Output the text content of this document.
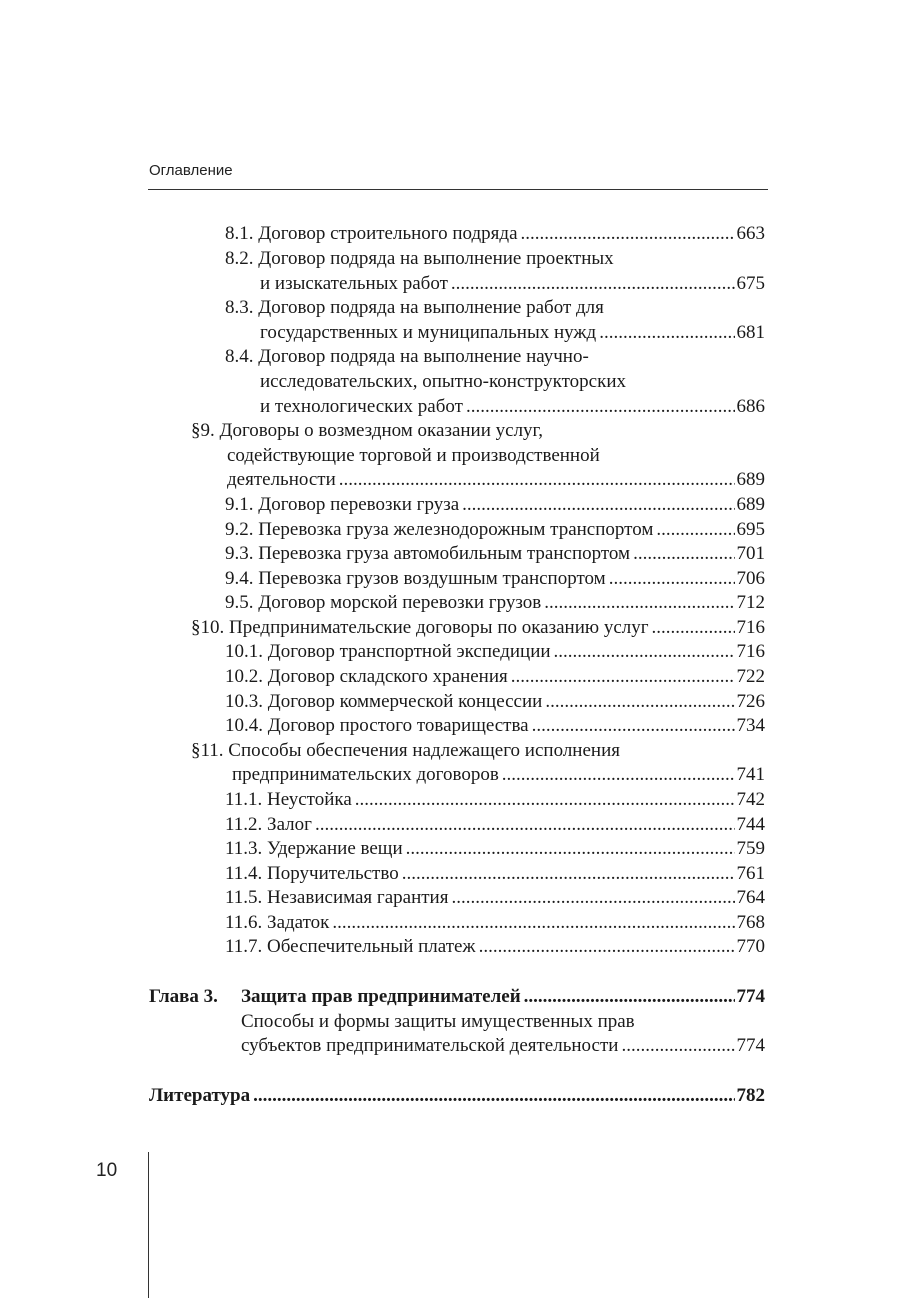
Оглавление
8.1. Договор строительного подряда .....	663
8.2. Договор подряда на выполнение проектных
и изыскательных работ .....	675
8.3. Договор подряда на выполнение работ для
государственных и муниципальных нужд .....	681
8.4. Договор подряда на выполнение научно-
исследовательских, опытно-конструкторских
и технологических работ .....	686
§9. Договоры о возмездном оказании услуг,
содействующие торговой и производственной
деятельности .....	689
9.1. Договор перевозки груза .....	689
9.2. Перевозка груза железнодорожным транспортом .....	695
9.3. Перевозка груза автомобильным транспортом .....	701
9.4. Перевозка грузов воздушным транспортом .....	706
9.5. Договор морской перевозки грузов .....	712
§10. Предпринимательские договоры по оказанию услуг .....	716
10.1. Договор транспортной экспедиции .....	716
10.2. Договор складского хранения .....	722
10.3. Договор коммерческой концессии .....	726
10.4. Договор простого товарищества .....	734
§11. Способы обеспечения надлежащего исполнения
предпринимательских договоров .....	741
11.1. Неустойка .....	742
11.2. Залог .....	744
11.3. Удержание вещи .....	759
11.4. Поручительство .....	761
11.5. Независимая гарантия .....	764
11.6. Задаток .....	768
11.7. Обеспечительный платеж .....	770
Глава 3. Защита прав предпринимателей .....	774
Способы и формы защиты имущественных прав
субъектов предпринимательской деятельности .....	774
Литература .....	782
10
